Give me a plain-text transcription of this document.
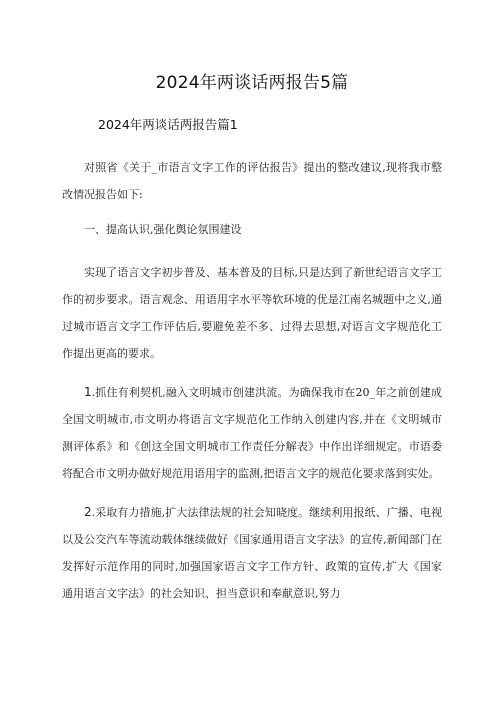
2024年两谈话两报告5篇
2024年两谈话两报告篇1

对照省《关于_市语言文字工作的评估报告》提出的整改建议,现将我市整改情况报告如下:

一、提高认识,强化舆论氛围建设

实现了语言文字初步普及、基本普及的目标,只是达到了新世纪语言文字工作的初步要求。语言观念、用语用字水平等软环境的优是江南名城题中之义,通过城市语言文字工作评估后,要避免差不多、过得去思想,对语言文字规范化工作提出更高的要求。

1.抓住有利契机,融入文明城市创建洪流。为确保我市在20_年之前创建成全国文明城市,市文明办将语言文字规范化工作纳入创建内容,并在《文明城市测评体系》和《创这全国文明城市工作责任分解表》中作出详细规定。市语委将配合市文明办做好规范用语用字的监测,把语言文字的规范化要求落到实处。

2.采取有力措施,扩大法律法规的社会知晓度。继续利用报纸、广播、电视以及公交汽车等流动载体继续做好《国家通用语言文字法》的宣传,新闻部门在发挥好示范作用的同时,加强国家语言文字工作方针、政策的宣传,扩大《国家通用语言文字法》的社会知识、担当意识和奉献意识,努力
